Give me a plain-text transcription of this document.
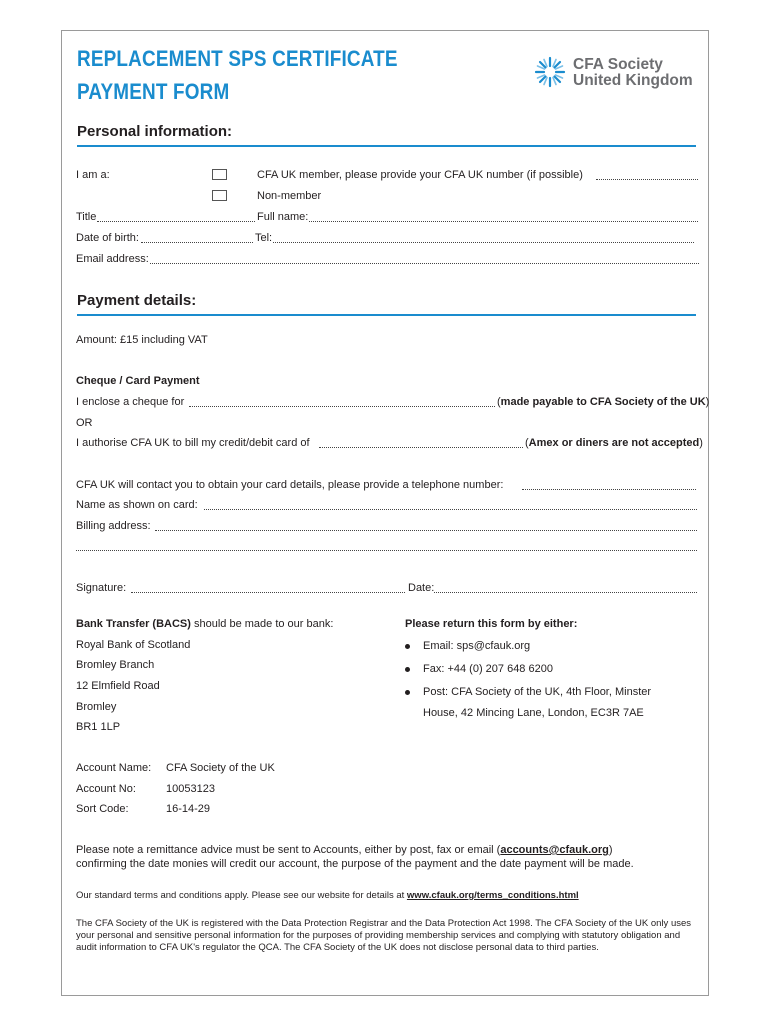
REPLACEMENT SPS CERTIFICATE
PAYMENT FORM
CFA Society
United Kingdom
Personal information:
I am a:	CFA UK member, please provide your CFA UK number (if possible)
Non-member
Title	Full name:
Date of birth:	Tel:
Email address:
Payment details:
Amount: £15 including VAT
Cheque / Card Payment
I enclose a cheque for	(made payable to CFA Society of the UK)
OR
I authorise CFA UK to bill my credit/debit card of	(Amex or diners are not accepted)
CFA UK will contact you to obtain your card details, please provide a telephone number:
Name as shown on card:
Billing address:
Signature:	Date:
Bank Transfer (BACS) should be made to our bank:
Royal Bank of Scotland
Bromley Branch
12 Elmfield Road
Bromley
BR1 1LP
Account Name: CFA Society of the UK
Account No:	10053123
Sort Code:	16-14-29
Please return this form by either:
Email: sps@cfauk.org
Fax: +44 (0) 207 648 6200
Post: CFA Society of the UK, 4th Floor, Minster
House, 42 Mincing Lane, London, EC3R 7AE
Please note a remittance advice must be sent to Accounts, either by post, fax or email (accounts@cfauk.org)
confirming the date monies will credit our account, the purpose of the payment and the date payment will be made.
Our standard terms and conditions apply. Please see our website for details at www.cfauk.org/terms_conditions.html
The CFA Society of the UK is registered with the Data Protection Registrar and the Data Protection Act 1998. The CFA Society of the UK only uses your personal and sensitive personal information for the purposes of providing membership services and complying with statutory obligation and audit information to CFA UK's regulator the QCA. The CFA Society of the UK does not disclose personal data to third parties.
